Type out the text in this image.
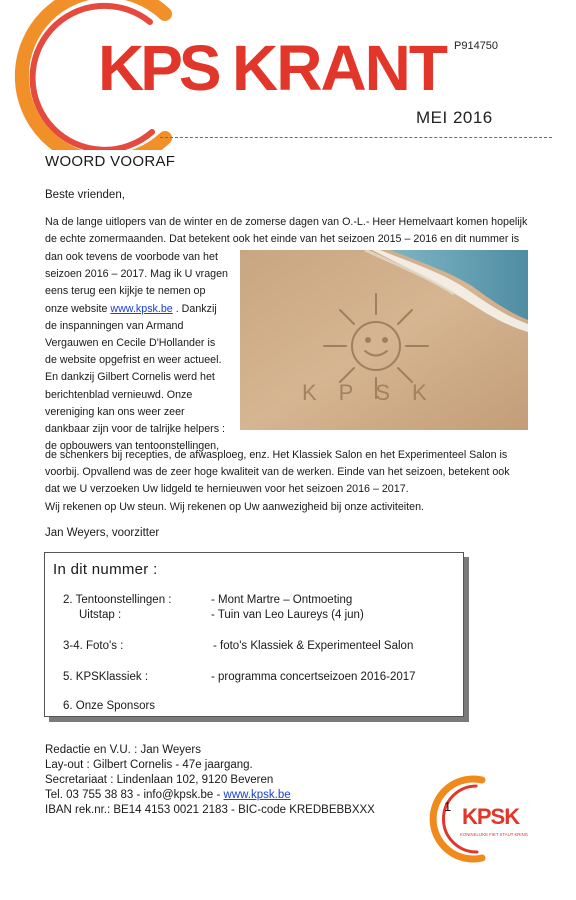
KPS KRANT P914750
MEI 2016
WOORD VOORAF
Beste vrienden,
Na de lange uitlopers van de winter en de zomerse dagen van O.-L.- Heer Hemelvaart komen hopelijk
de echte zomermaanden. Dat betekent ook het einde van het seizoen 2015 – 2016 en dit nummer is
dan ook tevens de voorbode van het
seizoen 2016 – 2017. Mag ik U vragen
eens terug een kijkje te nemen op
onze website www.kpsk.be . Dankzij
de inspanningen van Armand
Vergauwen en Cecile D'Hollander is
de website opgefrist en weer actueel.
En dankzij Gilbert Cornelis werd het
berichtenblad vernieuwd. Onze
vereniging kan ons weer zeer
dankbaar zijn voor de talrijke helpers :
de opbouwers van tentoonstellingen,
KPSK
de schenkers bij recepties, de afwasploeg, enz. Het Klassiek Salon en het Experimenteel Salon is
voorbij. Opvallend was de zeer hoge kwaliteit van de werken. Einde van het seizoen, betekent ook
dat we U verzoeken Uw lidgeld te hernieuwen voor het seizoen 2016 – 2017.
Wij rekenen op Uw steun. Wij rekenen op Uw aanwezigheid bij onze activiteiten.
Jan Weyers, voorzitter
In dit nummer :
2. Tentoonstellingen :	- Mont Martre – Ontmoeting
Uitstap :	- Tuin van Leo Laureys (4 jun)
3-4. Foto's :	- foto's Klassiek & Experimenteel Salon
5. KPSKlassiek :	- programma concertseizoen 2016-2017
6. Onze Sponsors
Redactie en V.U. : Jan Weyers
Lay-out : Gilbert Cornelis - 47e jaargang.
Secretariaat : Lindenlaan 102, 9120 Beveren
Tel. 03 755 38 83 - info@kpsk.be - www.kpsk.be
IBAN rek.nr.: BE14 4153 0021 2183 - BIC-code KREDBEBBXXX	KPSK
KONINKLIJKE FIET STAUT KRING
1
